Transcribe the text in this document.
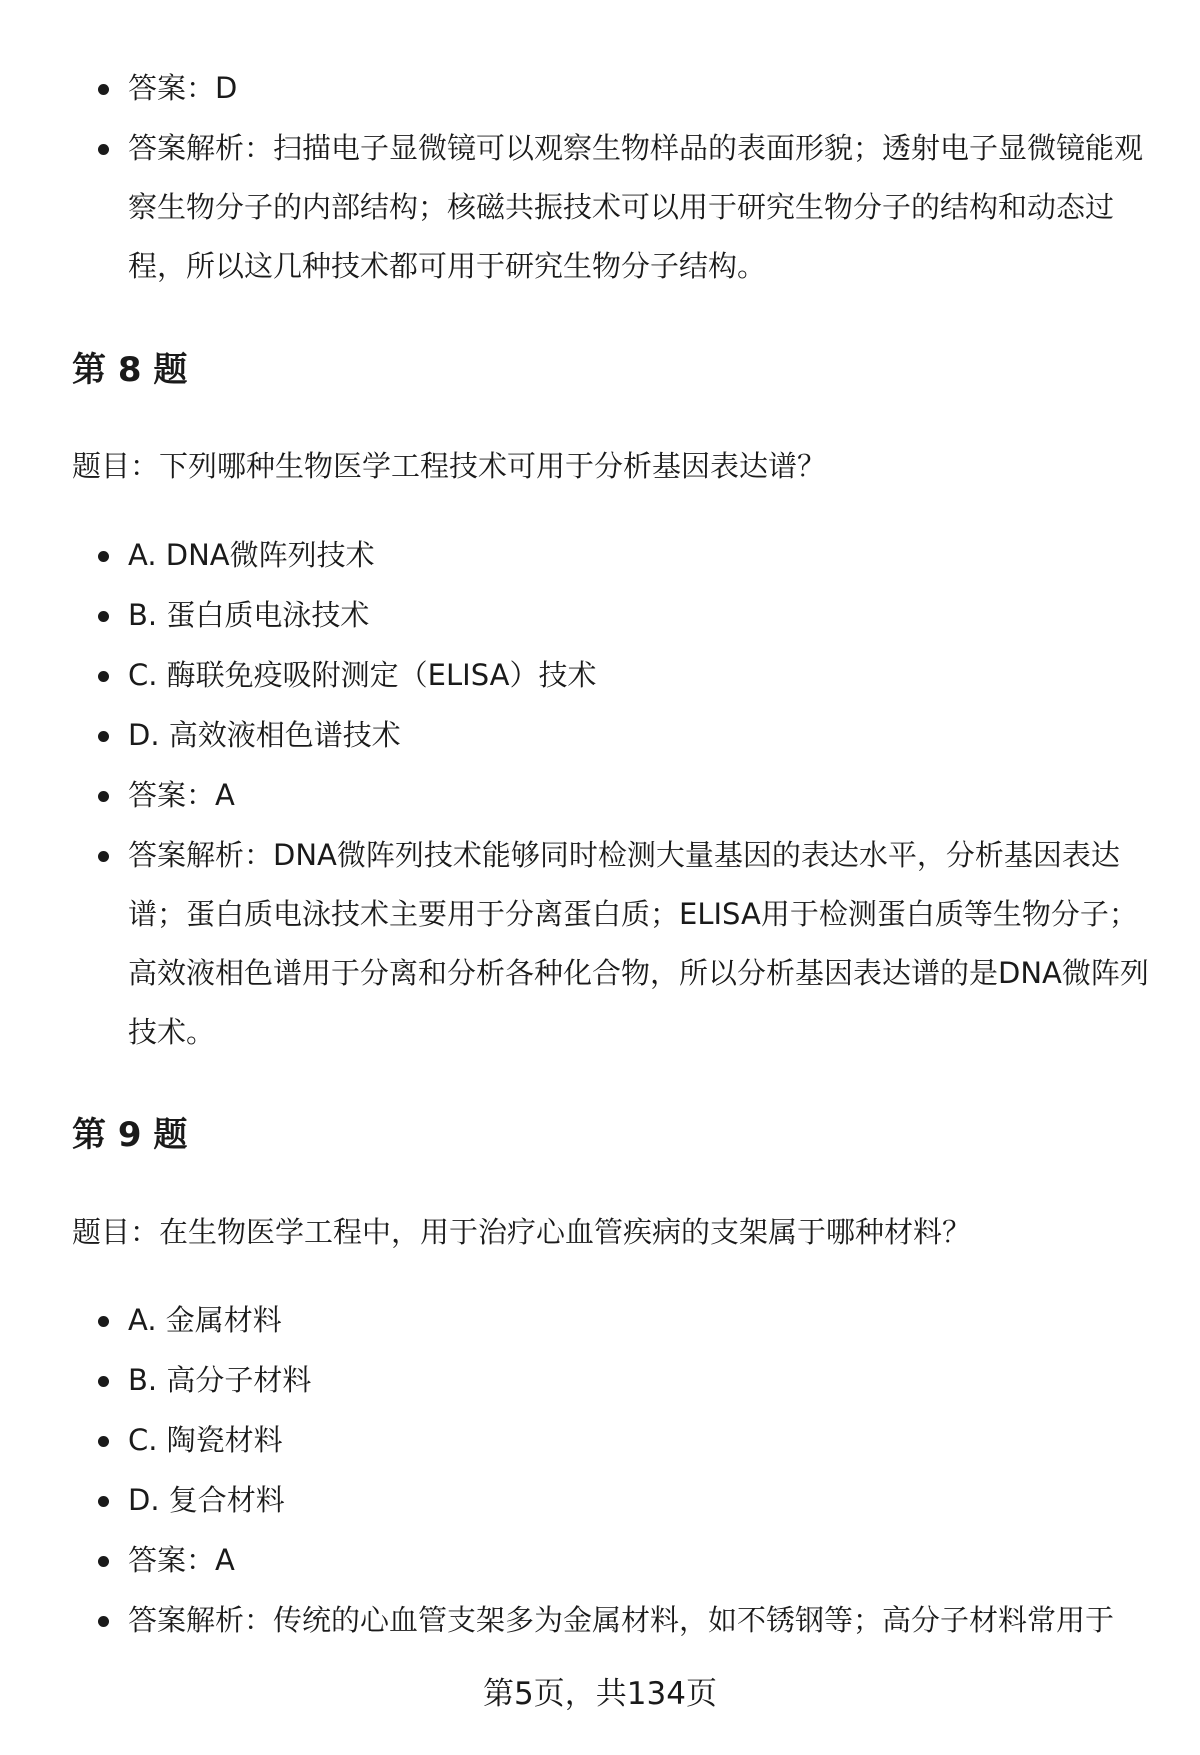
答案：D
答案解析：扫描电子显微镜可以观察生物样品的表面形貌；透射电子显微镜能观察生物分子的内部结构；核磁共振技术可以用于研究生物分子的结构和动态过程，所以这几种技术都可用于研究生物分子结构。
第 8 题
题目：下列哪种生物医学工程技术可用于分析基因表达谱？
A. DNA微阵列技术
B. 蛋白质电泳技术
C. 酶联免疫吸附测定（ELISA）技术
D. 高效液相色谱技术
答案：A
答案解析：DNA微阵列技术能够同时检测大量基因的表达水平，分析基因表达谱；蛋白质电泳技术主要用于分离蛋白质；ELISA用于检测蛋白质等生物分子；高效液相色谱用于分离和分析各种化合物，所以分析基因表达谱的是DNA微阵列技术。
第 9 题
题目：在生物医学工程中，用于治疗心血管疾病的支架属于哪种材料？
A. 金属材料
B. 高分子材料
C. 陶瓷材料
D. 复合材料
答案：A
答案解析：传统的心血管支架多为金属材料，如不锈钢等；高分子材料常用于
第5页，共134页
